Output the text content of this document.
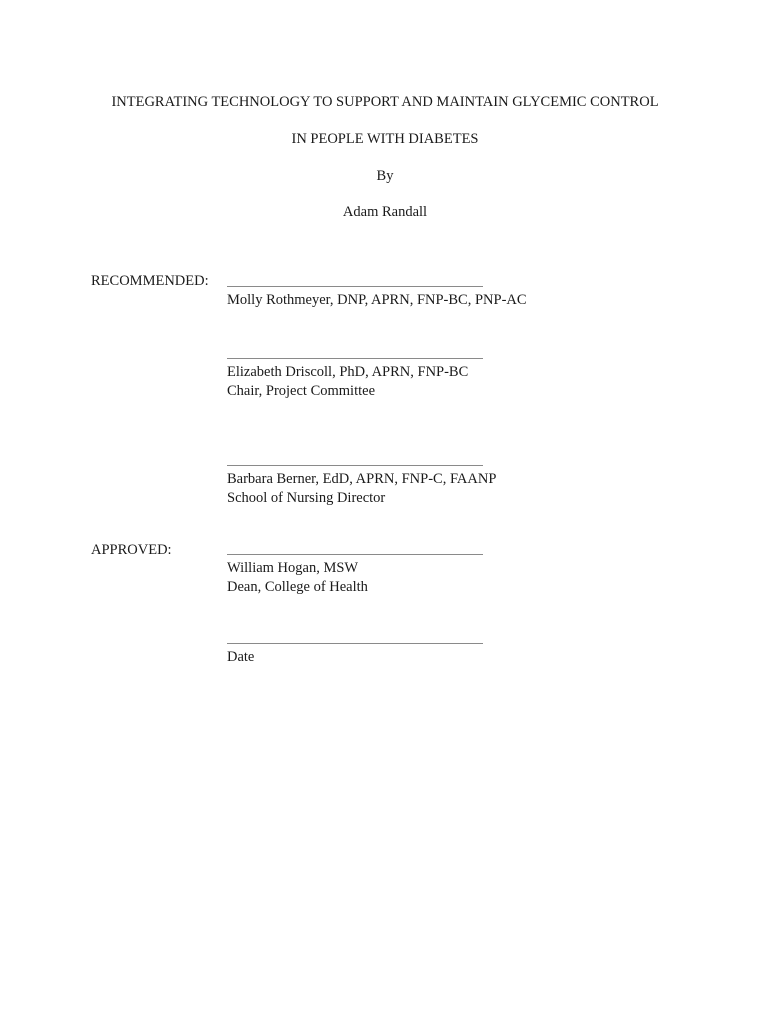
INTEGRATING TECHNOLOGY TO SUPPORT AND MAINTAIN GLYCEMIC CONTROL
IN PEOPLE WITH DIABETES
By
Adam Randall
RECOMMENDED:
Molly Rothmeyer, DNP, APRN, FNP-BC, PNP-AC
Elizabeth Driscoll, PhD, APRN, FNP-BC
Chair, Project Committee
Barbara Berner, EdD, APRN, FNP-C, FAANP
School of Nursing Director
APPROVED:
William Hogan, MSW
Dean, College of Health
Date
